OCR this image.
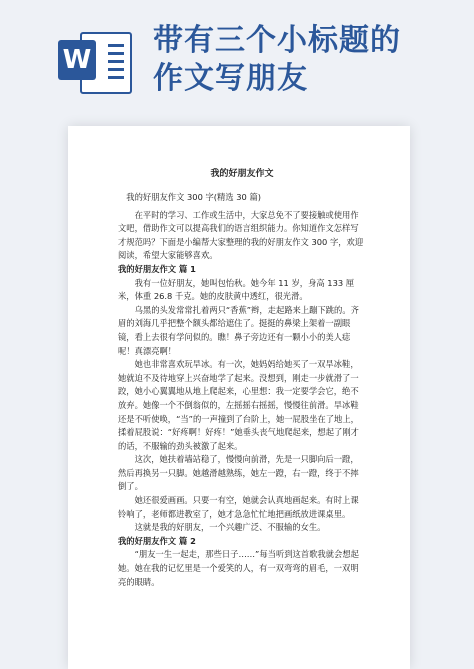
W
带有三个小标题的
作文写朋友
我的好朋友作文
我的好朋友作文 300 字(精选 30 篇)

在平时的学习、工作或生活中，大家总免不了要接触或使用作文吧，借助作文可以提高我们的语言组织能力。你知道作文怎样写才规范吗？下面是小编帮大家整理的我的好朋友作文 300 字，欢迎阅读，希望大家能够喜欢。

我的好朋友作文 篇 1

我有一位好朋友，她叫包怡秋。她今年 11 岁，身高 133 厘米，体重 26.8 千克。她的皮肤黄中透红，很光滑。

乌黑的头发常常扎着两只“香蕉”辫，走起路来上蹦下跳的。齐眉的刘海几乎把整个额头都给遮住了。挺挺的鼻梁上架着一副眼镜，看上去很有学问似的。瞧！鼻子旁边还有一颗小小的美人痣呢！真漂亮啊！

她也非常喜欢玩旱冰。有一次，她妈妈给她买了一双旱冰鞋，她就迫不及待地穿上兴奋地学了起来。没想到，刚走一步就滑了一跤，她小心翼翼地从地上爬起来，心里想：我一定要学会它，绝不放弃。她像一个不倒翁似的，左摇摇右摇摇，慢慢往前滑。旱冰鞋还是不听使唤，“当”的一声撞到了台阶上，她一屁股坐在了地上，揉着屁股说：“好疼啊！好疼！”她垂头丧气地爬起来，想起了刚才的话，不服输的劲头被激了起来。

这次，她扶着墙站稳了，慢慢向前滑，先是一只脚向后一蹬，然后再换另一只脚。她越滑越熟练，她左一蹬，右一蹬，终于不摔倒了。

她还很爱画画。只要一有空，她就会认真地画起来。有时上课铃响了，老师都进教室了，她才急急忙忙地把画纸放进课桌里。

这就是我的好朋友，一个兴趣广泛、不服输的女生。

我的好朋友作文 篇 2

“朋友一生一起走，那些日子……”每当听到这首歌我就会想起她。她在我的记忆里是一个爱笑的人，有一双弯弯的眉毛，一双明亮的眼睛。
